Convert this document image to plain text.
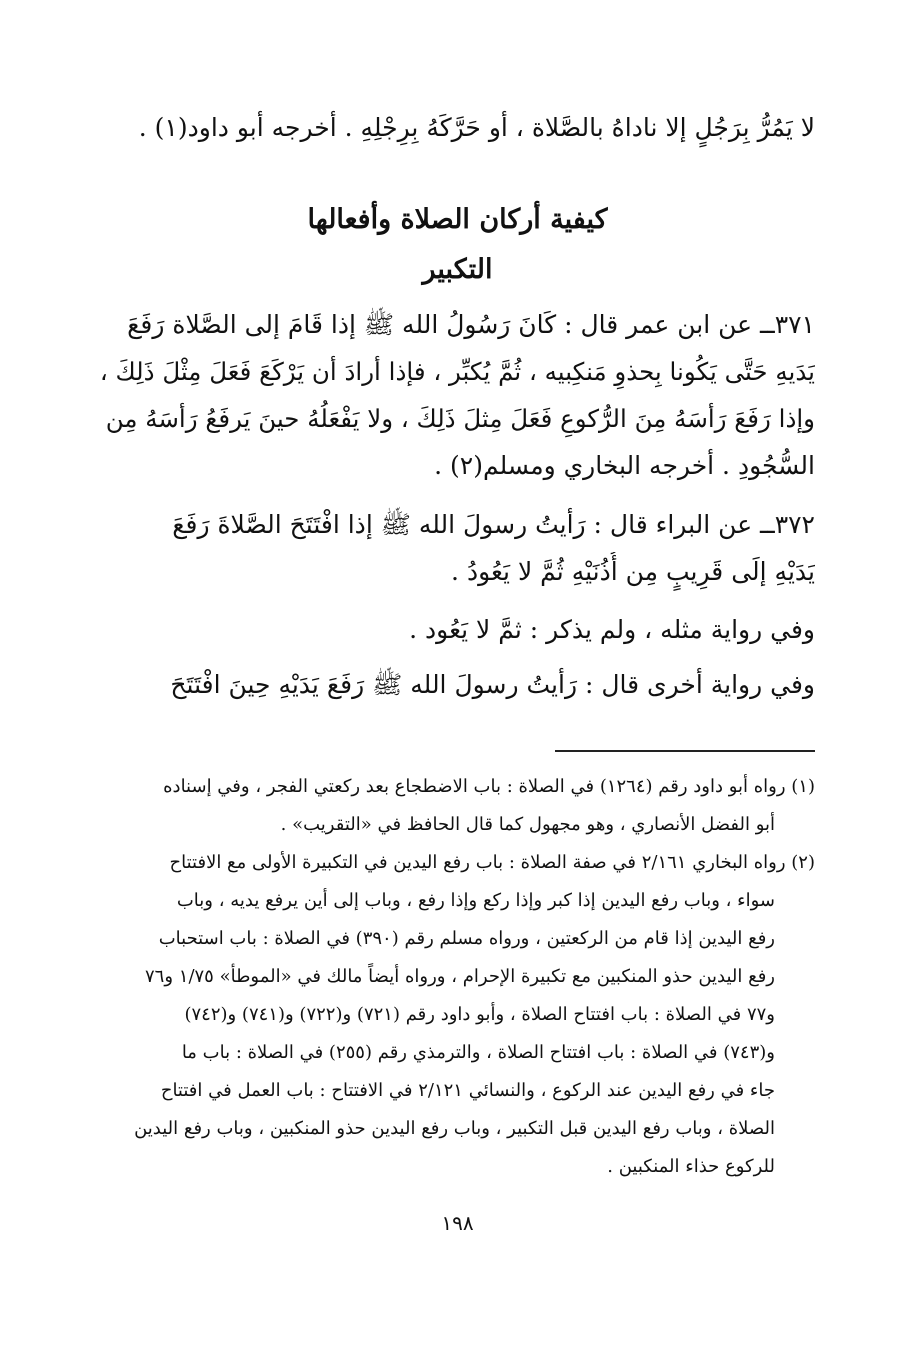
لا يَمُرُّ بِرَجُلٍ إلا ناداهُ بالصَّلاة ، أو حَرَّكَهُ بِرِجْلِهِ . أخرجه أبو داود(١) .
كيفية أركان الصلاة وأفعالها
التكبير
٣٧١ــ عن ابن عمر قال : كَانَ رَسُولُ الله ﷺ إذا قَامَ إلى الصَّلاة رَفَعَ
يَدَيهِ حَتَّى يَكُونا بِحذوِ مَنكِبيه ، ثُمَّ يُكبِّر ، فإذا أرادَ أن يَرْكَعَ فَعَلَ مِثْلَ ذَلِكَ ،
وإذا رَفَعَ رَأسَهُ مِنَ الرُّكوعِ فَعَلَ مِثلَ ذَلِكَ ، ولا يَفْعَلُهُ حينَ يَرفَعُ رَأسَهُ مِن
السُّجُودِ . أخرجه البخاري ومسلم(٢) .
٣٧٢ــ عن البراء قال : رَأيتُ رسولَ الله ﷺ إذا افْتَتَحَ الصَّلاةَ رَفَعَ
يَدَيْهِ إلَى قَرِيبٍ مِن أُذُنَيْهِ ثُمَّ لا يَعُودُ .
وفي رواية مثله ، ولم يذكر : ثمَّ لا يَعُود .
وفي رواية أخرى قال : رَأيتُ رسولَ الله ﷺ رَفَعَ يَدَيْهِ حِينَ افْتَتَحَ
(١) رواه أبو داود رقم (١٢٦٤) في الصلاة : باب الاضطجاع بعد ركعتي الفجر ، وفي إسناده
أبو الفضل الأنصاري ، وهو مجهول كما قال الحافظ في «التقريب» .
(٢) رواه البخاري ٢/١٦١ في صفة الصلاة : باب رفع اليدين في التكبيرة الأولى مع الافتتاح
سواء ، وباب رفع اليدين إذا كبر وإذا ركع وإذا رفع ، وباب إلى أين يرفع يديه ، وباب
رفع اليدين إذا قام من الركعتين ، ورواه مسلم رقم (٣٩٠) في الصلاة : باب استحباب
رفع اليدين حذو المنكبين مع تكبيرة الإحرام ، ورواه أيضاً مالك في «الموطأ» ١/٧٥ و٧٦
و٧٧ في الصلاة : باب افتتاح الصلاة ، وأبو داود رقم (٧٢١) و(٧٢٢) و(٧٤١) و(٧٤٢)
و(٧٤٣) في الصلاة : باب افتتاح الصلاة ، والترمذي رقم (٢٥٥) في الصلاة : باب ما
جاء في رفع اليدين عند الركوع ، والنسائي ٢/١٢١ في الافتتاح : باب العمل في افتتاح
الصلاة ، وباب رفع اليدين قبل التكبير ، وباب رفع اليدين حذو المنكبين ، وباب رفع اليدين
للركوع حذاء المنكبين .
١٩٨
